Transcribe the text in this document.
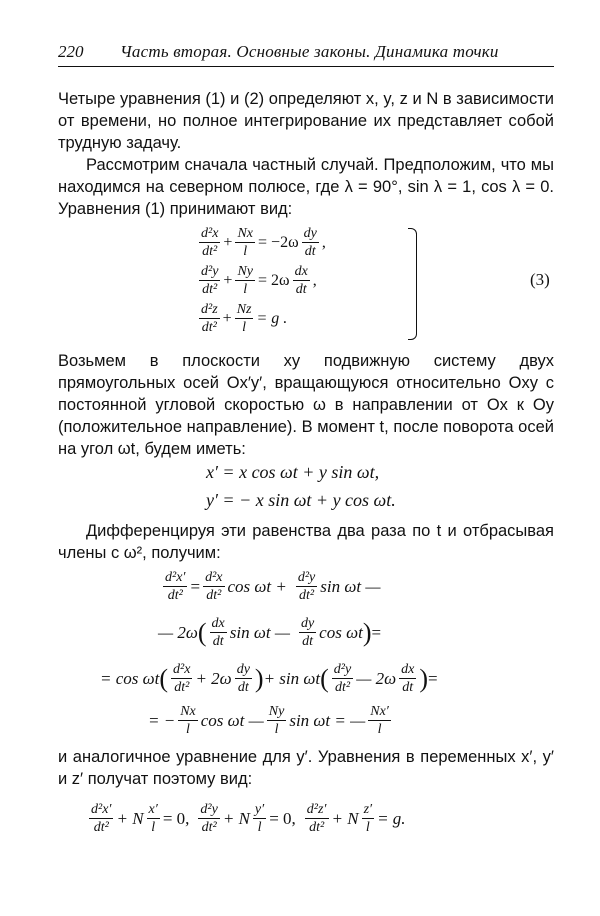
220 Часть вторая. Основные законы. Динамика точки
Четыре уравнения (1) и (2) определяют x, y, z и N в зависимости от времени, но полное интегрирование их представляет собой трудную задачу.
Рассмотрим сначала частный случай. Предположим, что мы находимся на северном полюсе, где λ = 90°, sin λ = 1, cos λ = 0. Уравнения (1) принимают вид:
$\frac{\text{d²x}}{\text{dt²}} + \frac{Nx}{l} = -2\omega \frac{dy}{dt}$ ,
$\frac{\text{d²y}}{\text{dt²}} + \frac{Ny}{l} = 2\omega \frac{dx}{dt}$ ,
$\frac{\text{d²z}}{\text{dt²}} + \frac{Nz}{l} = g$ .
(3)
Возьмем в плоскости xy подвижную систему двух прямоугольных осей Ox′y′, вращающуюся относительно Oxy с постоянной угловой скоростью ω в направлении от Ox к Oy (положительное направление). В момент t, после поворота осей на угол ωt, будем иметь:
x′ = x cos ωt + y sin ωt,
y′ = − x sin ωt + y cos ωt.
Дифференцируя эти равенства два раза по t и отбрасывая члены с ω², получим:
$\frac{\text{d²x′}}{\text{dt²}} = \frac{\text{d²x}}{\text{dt²}}$ $\cos \omega t + \frac{\text{d²y}}{\text{dt²}}$ sin ωt —
— 2ω ( $\frac{dx}{dt}$ sin ωt — $\frac{dy}{dt}$ cos ωt ) =
= cos ωt ( $\frac{\text{d²x}}{\text{dt²}} + 2\omega \frac{dy}{dt}$ ) + sin ωt ( $\frac{\text{d²y}}{\text{dt²}}$ — $2\omega \frac{dx}{dt}$ ) =
= − $\frac{Nx}{l}$ cos ωt — $\frac{Ny}{l}$ sin ωt = — $\frac{Nx'}{l}$
и аналогичное уравнение для y′. Уравнения в переменных x′, y′ и z′ получат поэтому вид:
$\frac{\text{d²x′}}{\text{dt²}} + N \frac{x'}{l} = 0$, $\frac{\text{d²y}}{\text{dt²}} + N \frac{y'}{l} = 0$, $\frac{\text{d²z′}}{\text{dt²}} + N \frac{z'}{l} = g$.
